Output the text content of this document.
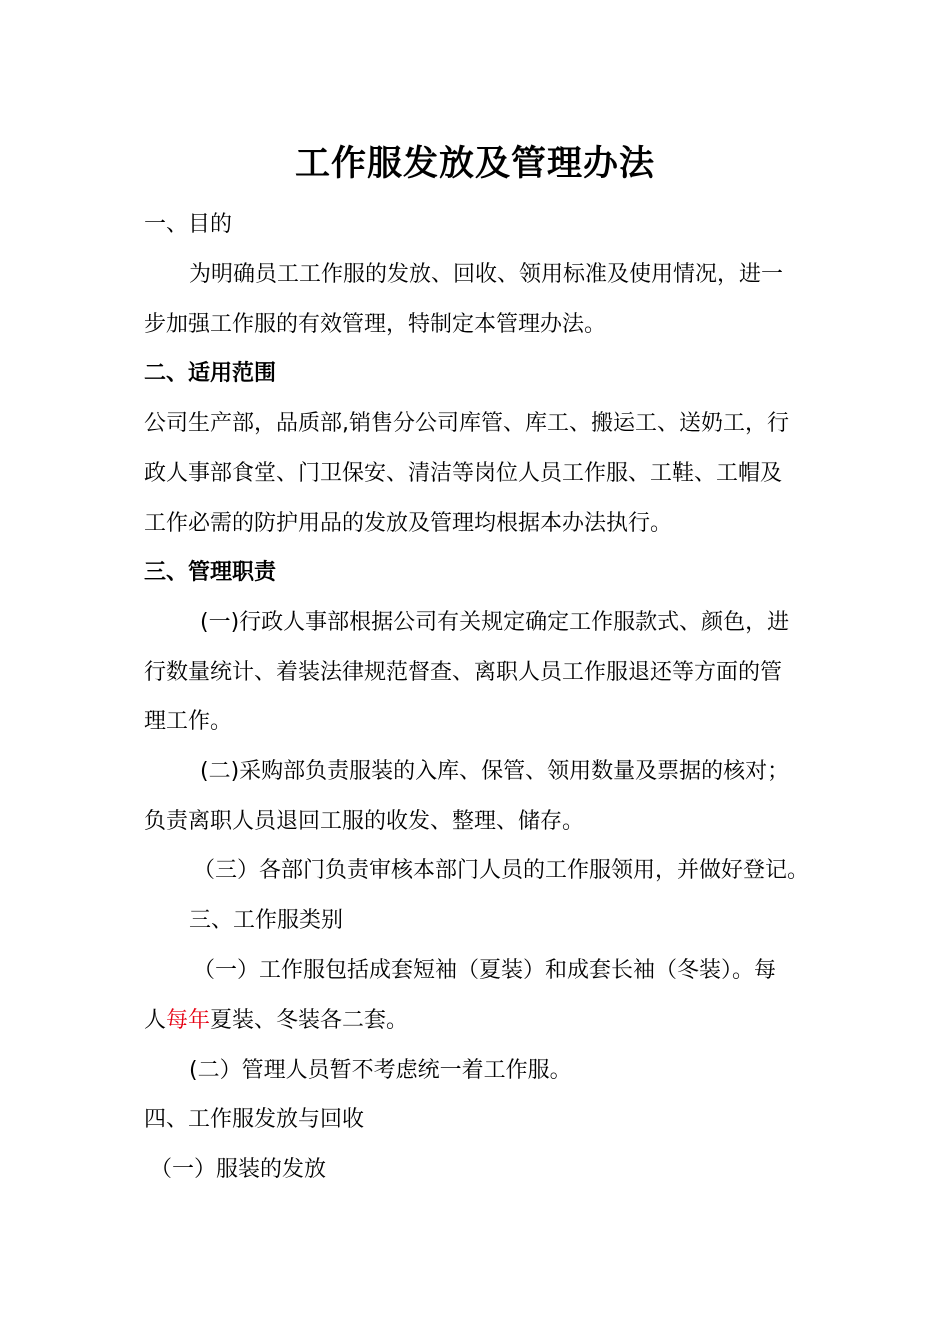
工作服发放及管理办法
一、目的
为明确员工工作服的发放、回收、领用标准及使用情况，进一
步加强工作服的有效管理，特制定本管理办法。
二、适用范围
公司生产部，品质部,销售分公司库管、库工、搬运工、送奶工，行
政人事部食堂、门卫保安、清洁等岗位人员工作服、工鞋、工帽及
工作必需的防护用品的发放及管理均根据本办法执行。
三、管理职责
(一)行政人事部根据公司有关规定确定工作服款式、颜色，进
行数量统计、着装法律规范督查、离职人员工作服退还等方面的管
理工作。
(二)采购部负责服装的入库、保管、领用数量及票据的核对；
负责离职人员退回工服的收发、整理、储存。
（三）各部门负责审核本部门人员的工作服领用，并做好登记。
三、工作服类别
（一）工作服包括成套短袖（夏装）和成套长袖（冬装）。每
人每年夏装、冬装各二套。
(二）管理人员暂不考虑统一着工作服。
四、工作服发放与回收
（一）服装的发放
